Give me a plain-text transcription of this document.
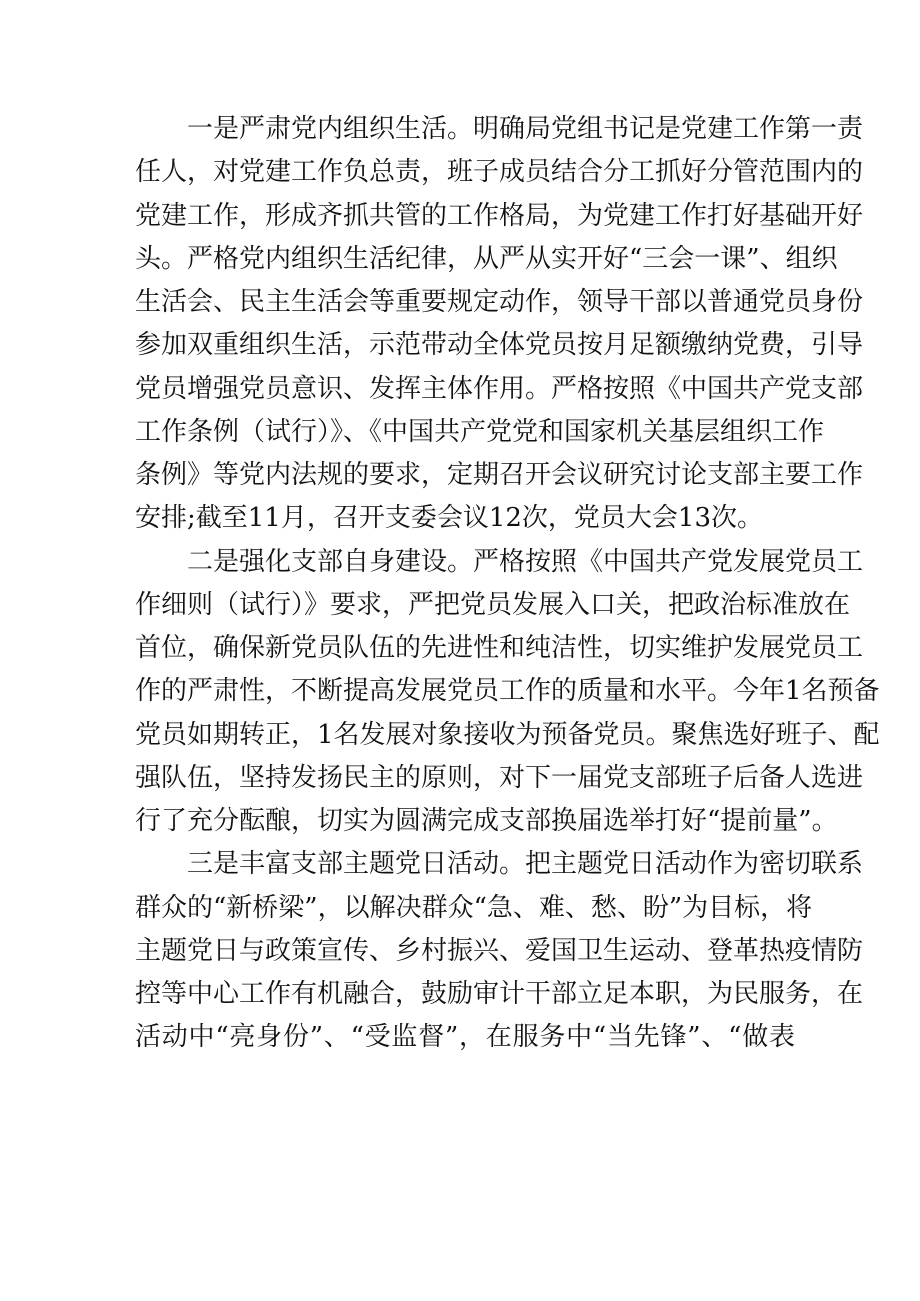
一是严肃党内组织生活。明确局党组书记是党建工作第一责
任人，对党建工作负总责，班子成员结合分工抓好分管范围内的
党建工作，形成齐抓共管的工作格局，为党建工作打好基础开好
头。严格党内组织生活纪律，从严从实开好“三会一课”、组织
生活会、民主生活会等重要规定动作，领导干部以普通党员身份
参加双重组织生活，示范带动全体党员按月足额缴纳党费，引导
党员增强党员意识、发挥主体作用。严格按照《中国共产党支部
工作条例（试行）》、《中国共产党党和国家机关基层组织工作
条例》等党内法规的要求，定期召开会议研究讨论支部主要工作
安排;截至11月，召开支委会议12次，党员大会13次。
二是强化支部自身建设。严格按照《中国共产党发展党员工
作细则（试行）》要求，严把党员发展入口关，把政治标准放在
首位，确保新党员队伍的先进性和纯洁性，切实维护发展党员工
作的严肃性，不断提高发展党员工作的质量和水平。今年1名预备
党员如期转正，1名发展对象接收为预备党员。聚焦选好班子、配
强队伍，坚持发扬民主的原则，对下一届党支部班子后备人选进
行了充分酝酿，切实为圆满完成支部换届选举打好“提前量”。
三是丰富支部主题党日活动。把主题党日活动作为密切联系
群众的“新桥梁”，以解决群众“急、难、愁、盼”为目标，将
主题党日与政策宣传、乡村振兴、爱国卫生运动、登革热疫情防
控等中心工作有机融合，鼓励审计干部立足本职，为民服务，在
活动中“亮身份”、“受监督”，在服务中“当先锋”、“做表
